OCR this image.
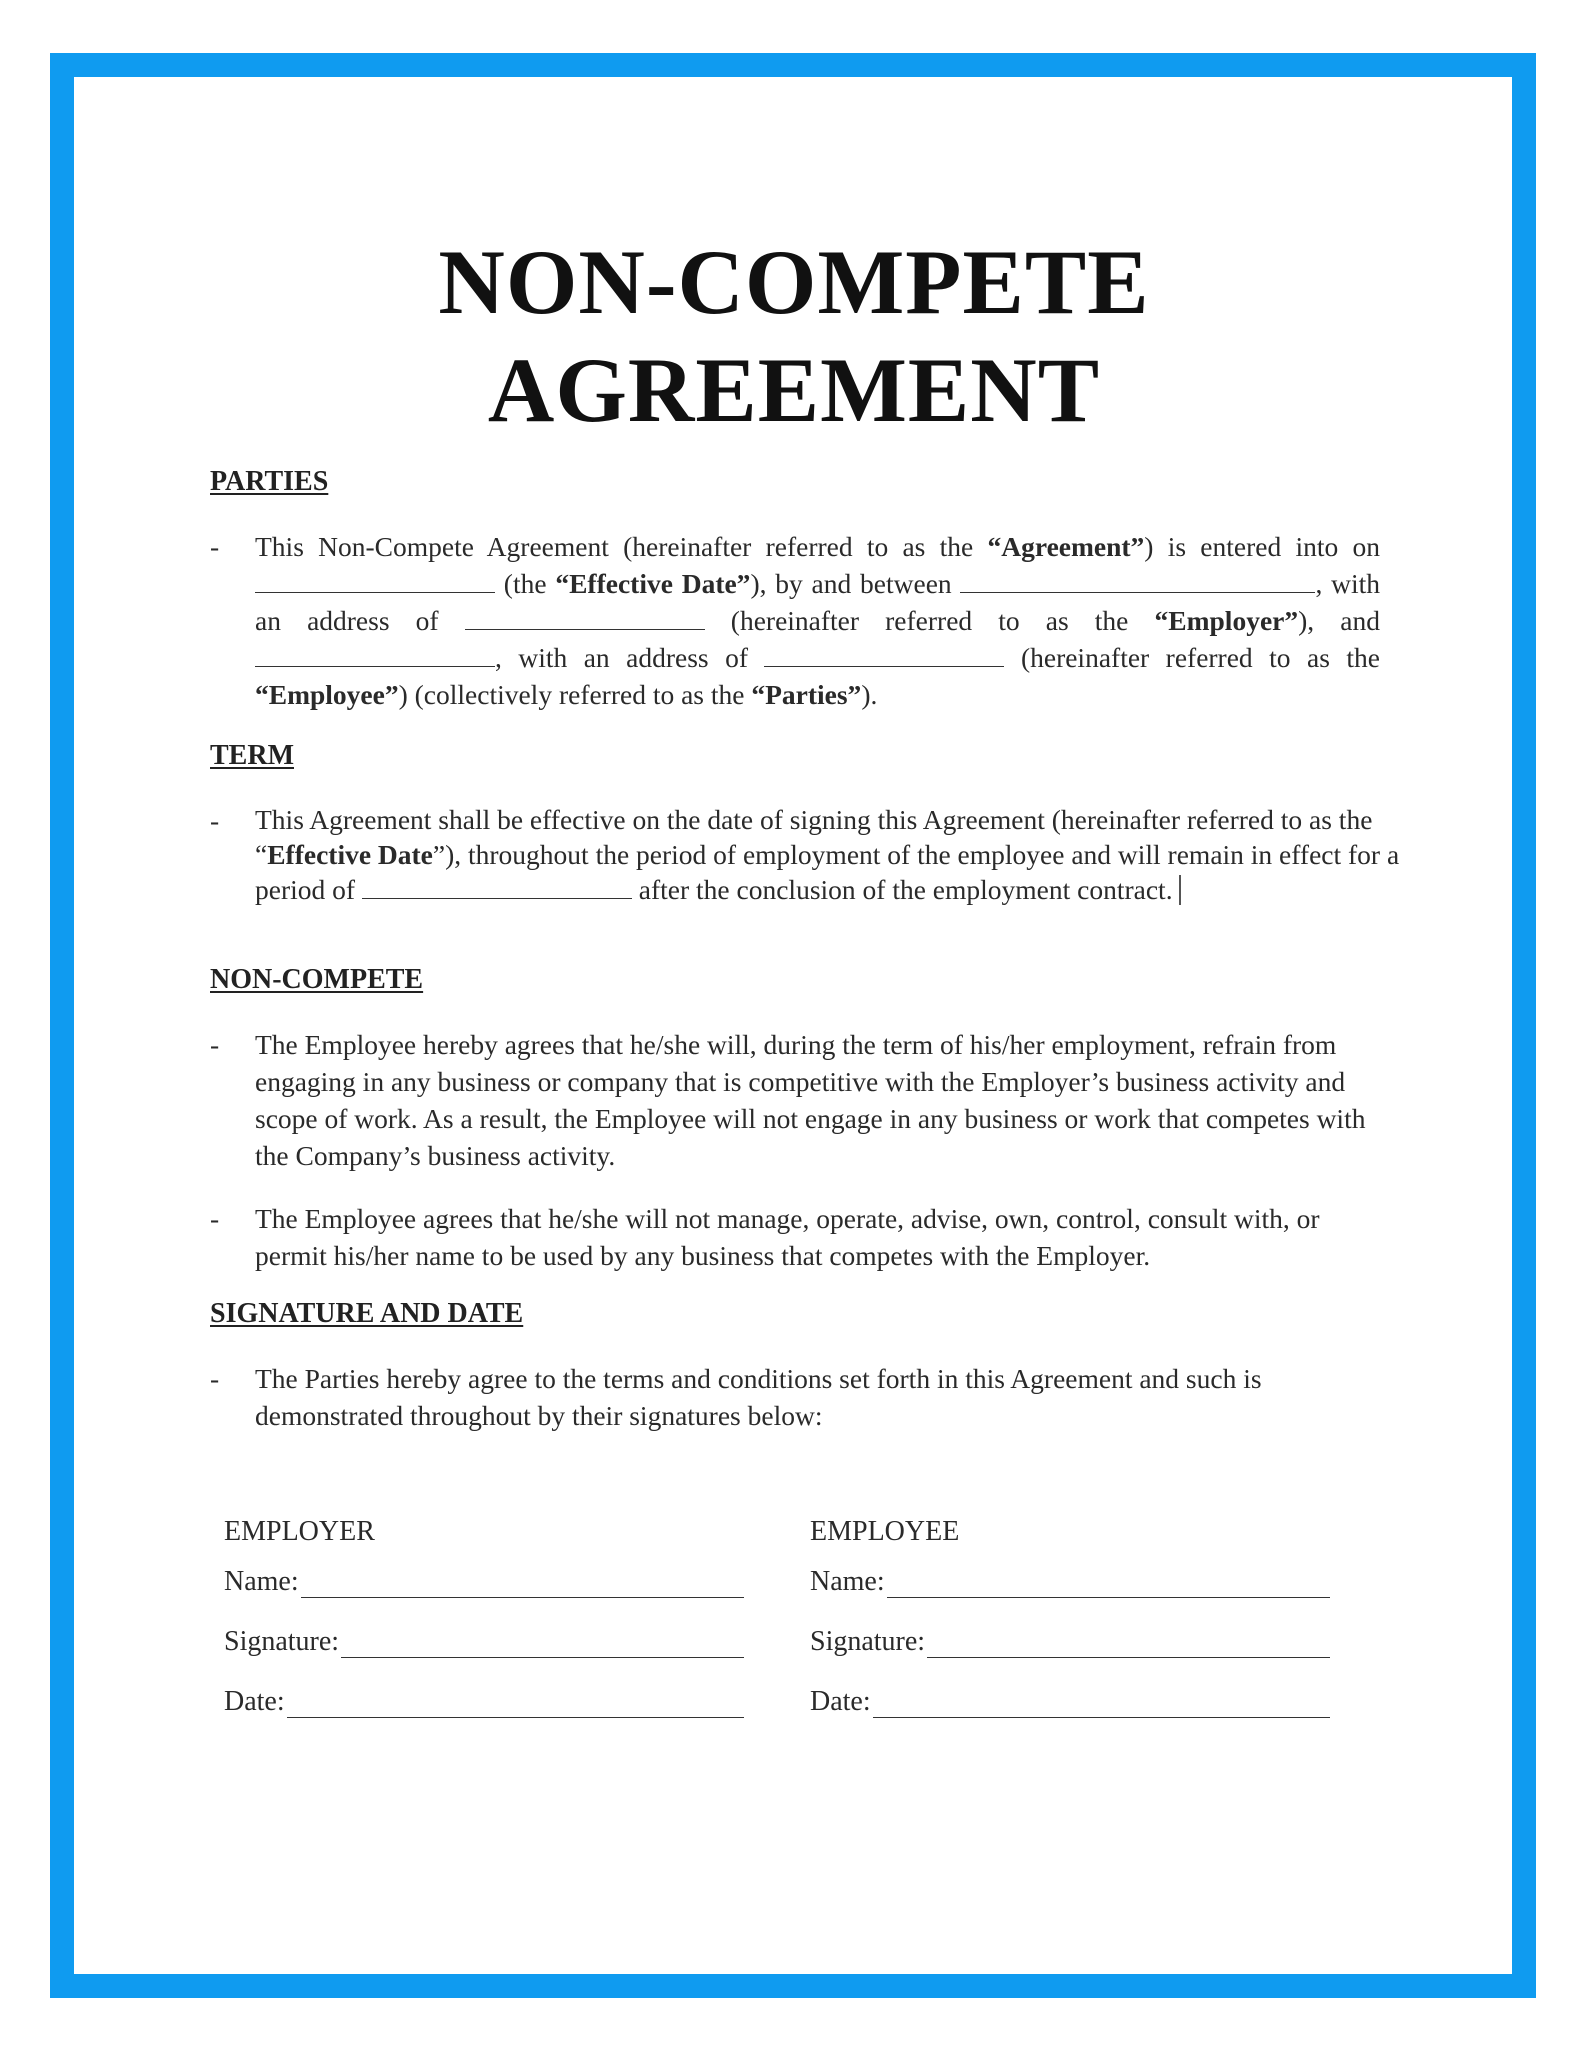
NON-COMPETE
AGREEMENT
PARTIES
-	This Non-Compete Agreement (hereinafter referred to as the “Agreement”) is entered into on  (the “Effective Date”), by and between	, with an address of	(hereinafter referred to as the “Employer”), and , with an address of	(hereinafter referred to as the “Employee”) (collectively referred to as the “Parties”).
TERM
-	This Agreement shall be effective on the date of signing this Agreement (hereinafter referred to as the “Effective Date”), throughout the period of employment of the employee and will remain in effect for a period of	after the conclusion of the employment contract.
NON-COMPETE
-	The Employee hereby agrees that he/she will, during the term of his/her employment, refrain from engaging in any business or company that is competitive with the Employer’s business activity and scope of work. As a result, the Employee will not engage in any business or work that competes with the Company’s business activity.
-	The Employee agrees that he/she will not manage, operate, advise, own, control, consult with, or permit his/her name to be used by any business that competes with the Employer.
SIGNATURE AND DATE
-	The Parties hereby agree to the terms and conditions set forth in this Agreement and such is demonstrated throughout by their signatures below:
EMPLOYER
Name:
Signature:
Date:
EMPLOYEE
Name:
Signature:
Date:
